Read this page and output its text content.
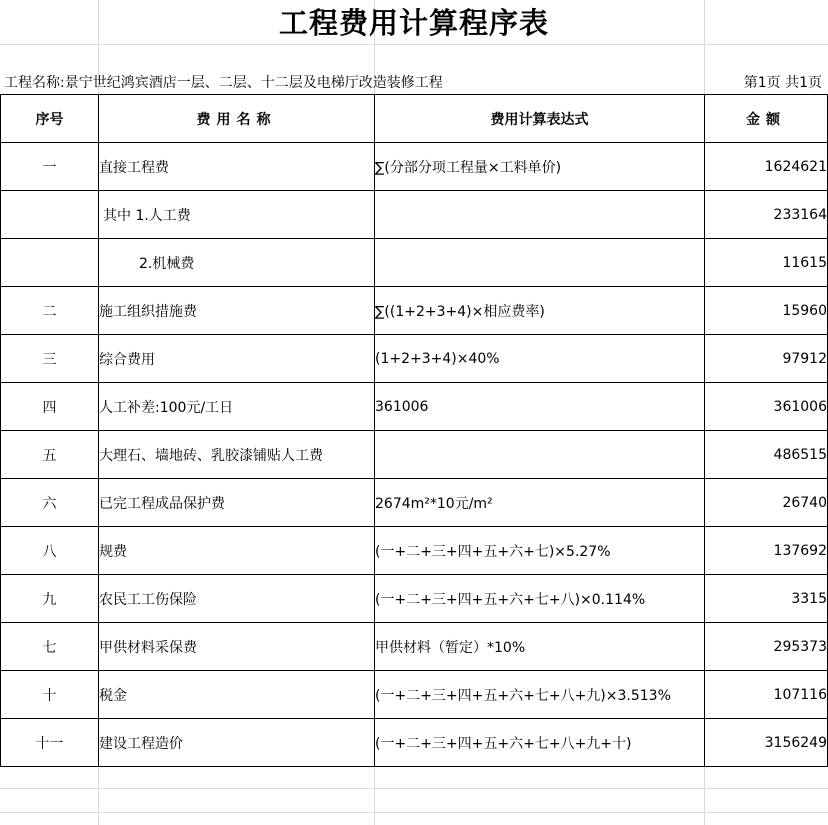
工程费用计算程序表
工程名称:景宁世纪鸿宾酒店一层、二层、十二层及电梯厅改造装修工程	第1页 共1页
序号	费用名称	费用计算表达式	金额
一	直接工程费	∑(分部分项工程量×工料单价)	1624621
	其中 1.人工费		233164
	2.机械费		11615
二	施工组织措施费	∑((1+2+3+4)×相应费率)	15960
三	综合费用	(1+2+3+4)×40%	97912
四	人工补差:100元/工日	361006	361006
五	大理石、墙地砖、乳胶漆铺贴人工费		486515
六	已完工程成品保护费	2674m²*10元/m²	26740
八	规费	(一+二+三+四+五+六+七)×5.27%	137692
九	农民工工伤保险	(一+二+三+四+五+六+七+八)×0.114%	3315
七	甲供材料采保费	甲供材料（暂定）*10%	295373
十	税金	(一+二+三+四+五+六+七+八+九)×3.513%	107116
十一	建设工程造价	(一+二+三+四+五+六+七+八+九+十)	3156249
